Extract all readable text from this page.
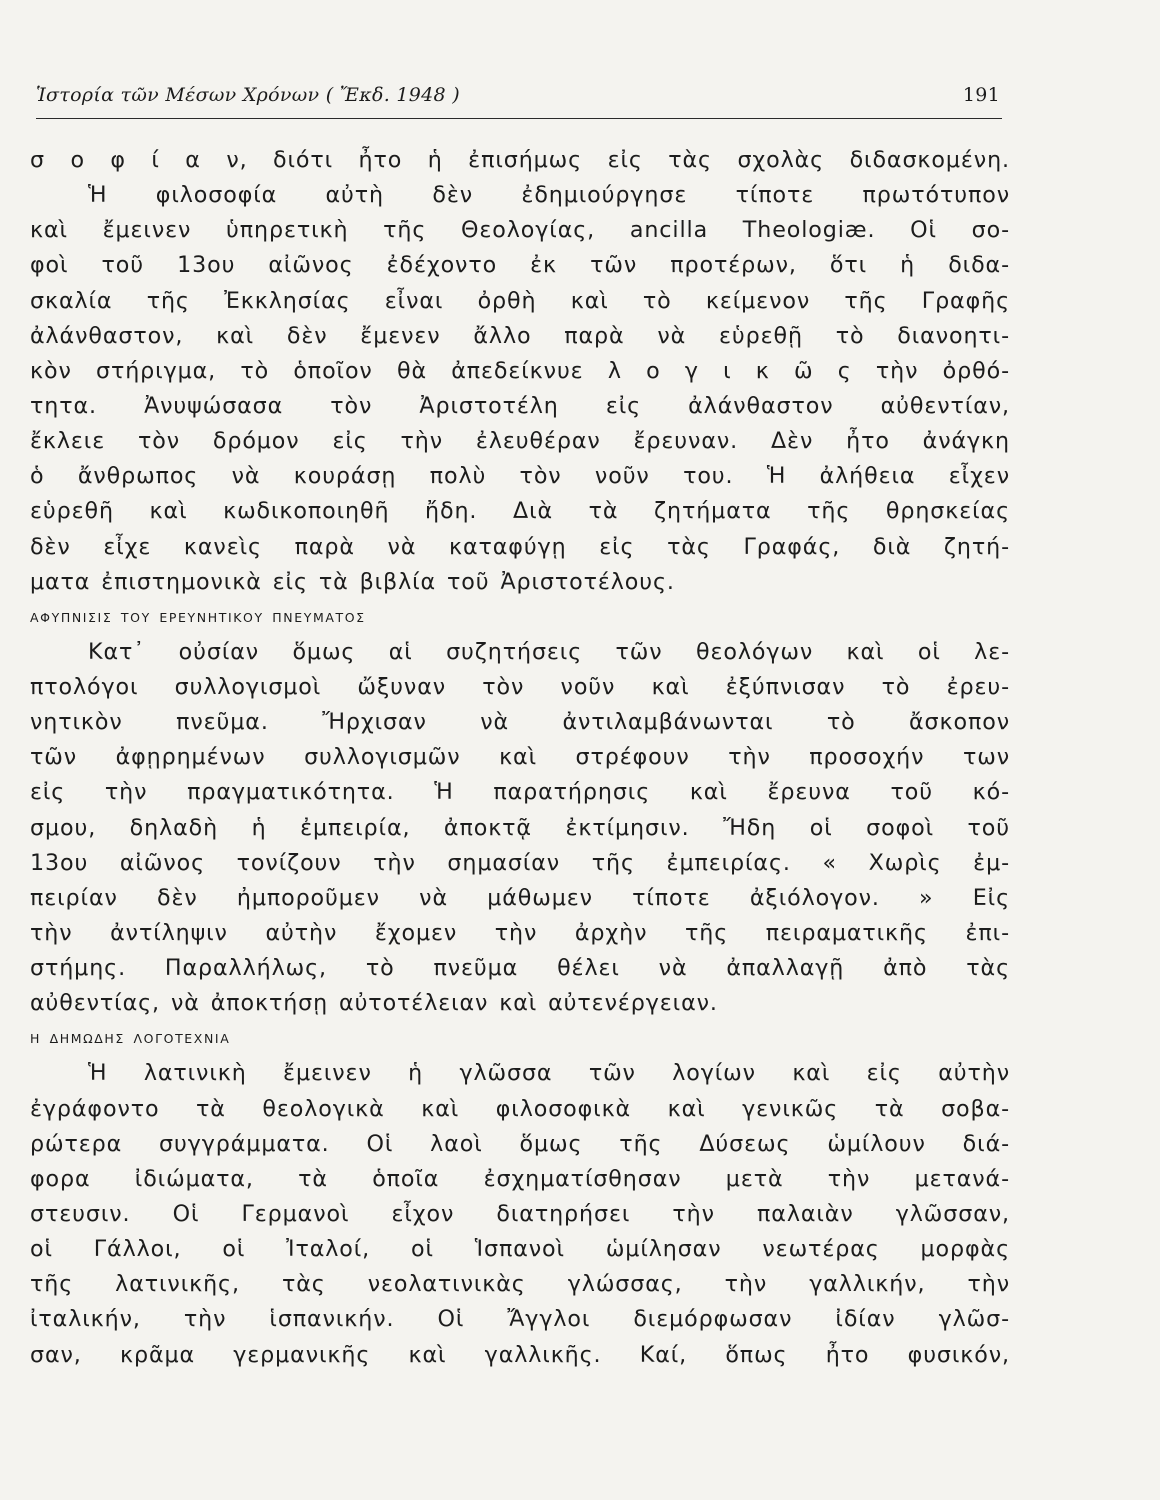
Ἱστορία τῶν Μέσων Χρόνων ( Ἔκδ. 1948 )	191
σ ο φ ί α ν, διότι ἦτο ἡ ἐπισήμως εἰς τὰς σχολὰς διδασκομένη.
Ἡ φιλοσοφία αὐτὴ δὲν ἐδημιούργησε τίποτε πρωτότυπον
καὶ ἔμεινεν ὑπηρετικὴ τῆς Θεολογίας, ancilla Theologiæ. Οἱ σο-
φοὶ τοῦ 13ου αἰῶνος ἐδέχοντο ἐκ τῶν προτέρων, ὅτι ἡ διδα-
σκαλία τῆς Ἐκκλησίας εἶναι ὀρθὴ καὶ τὸ κείμενον τῆς Γραφῆς
ἀλάνθαστον, καὶ δὲν ἔμενεν ἄλλο παρὰ νὰ εὑρεθῇ τὸ διανοητι-
κὸν στήριγμα, τὸ ὁποῖον θὰ ἀπεδείκνυε λ ο γ ι κ ῶ ς τὴν ὀρθό-
τητα. Ἀνυψώσασα τὸν Ἀριστοτέλη εἰς ἀλάνθαστον αὐθεντίαν,
ἔκλειε τὸν δρόμον εἰς τὴν ἐλευθέραν ἔρευναν. Δὲν ἦτο ἀνάγκη
ὁ ἄνθρωπος νὰ κουράσῃ πολὺ τὸν νοῦν του. Ἡ ἀλήθεια εἶχεν
εὑρεθῆ καὶ κωδικοποιηθῆ ἤδη. Διὰ τὰ ζητήματα τῆς θρησκείας
δὲν εἶχε κανεὶς παρὰ νὰ καταφύγῃ εἰς τὰς Γραφάς, διὰ ζητή-
ματα ἐπιστημονικὰ εἰς τὰ βιβλία τοῦ Ἀριστοτέλους.
ΑΦΥΠΝΙΣΙΣ ΤΟΥ ΕΡΕΥΝΗΤΙΚΟΥ ΠΝΕΥΜΑΤΟΣ
Κατ᾿ οὐσίαν ὅμως αἱ συζητήσεις τῶν θεολόγων καὶ οἱ λε-
πτολόγοι συλλογισμοὶ ὤξυναν τὸν νοῦν καὶ ἐξύπνισαν τὸ ἐρευ-
νητικὸν πνεῦμα. Ἤρχισαν νὰ ἀντιλαμβάνωνται τὸ ἄσκοπον
τῶν ἀφῃρημένων συλλογισμῶν καὶ στρέφουν τὴν προσοχήν των
εἰς τὴν πραγματικότητα. Ἡ παρατήρησις καὶ ἔρευνα τοῦ κό-
σμου, δηλαδὴ ἡ ἐμπειρία, ἀποκτᾷ ἐκτίμησιν. Ἤδη οἱ σοφοὶ τοῦ
13ου αἰῶνος τονίζουν τὴν σημασίαν τῆς ἐμπειρίας. « Χωρὶς ἐμ-
πειρίαν δὲν ἠμποροῦμεν νὰ μάθωμεν τίποτε ἀξιόλογον. » Εἰς
τὴν ἀντίληψιν αὐτὴν ἔχομεν τὴν ἀρχὴν τῆς πειραματικῆς ἐπι-
στήμης. Παραλλήλως, τὸ πνεῦμα θέλει νὰ ἀπαλλαγῇ ἀπὸ τὰς
αὐθεντίας, νὰ ἀποκτήσῃ αὐτοτέλειαν καὶ αὐτενέργειαν.
Η ΔΗΜΩΔΗΣ ΛΟΓΟΤΕΧΝΙΑ
Ἡ λατινικὴ ἔμεινεν ἡ γλῶσσα τῶν λογίων καὶ εἰς αὐτὴν
ἐγράφοντο τὰ θεολογικὰ καὶ φιλοσοφικὰ καὶ γενικῶς τὰ σοβα-
ρώτερα συγγράμματα. Οἱ λαοὶ ὅμως τῆς Δύσεως ὡμίλουν διά-
φορα ἰδιώματα, τὰ ὁποῖα ἐσχηματίσθησαν μετὰ τὴν μετανά-
στευσιν. Οἱ Γερμανοὶ εἶχον διατηρήσει τὴν παλαιὰν γλῶσσαν,
οἱ Γάλλοι, οἱ Ἰταλοί, οἱ Ἱσπανοὶ ὡμίλησαν νεωτέρας μορφὰς
τῆς λατινικῆς, τὰς νεολατινικὰς γλώσσας, τὴν γαλλικήν, τὴν
ἰταλικήν, τὴν ἱσπανικήν. Οἱ Ἄγγλοι διεμόρφωσαν ἰδίαν γλῶσ-
σαν, κρᾶμα γερμανικῆς καὶ γαλλικῆς. Καί, ὅπως ἦτο φυσικόν,
